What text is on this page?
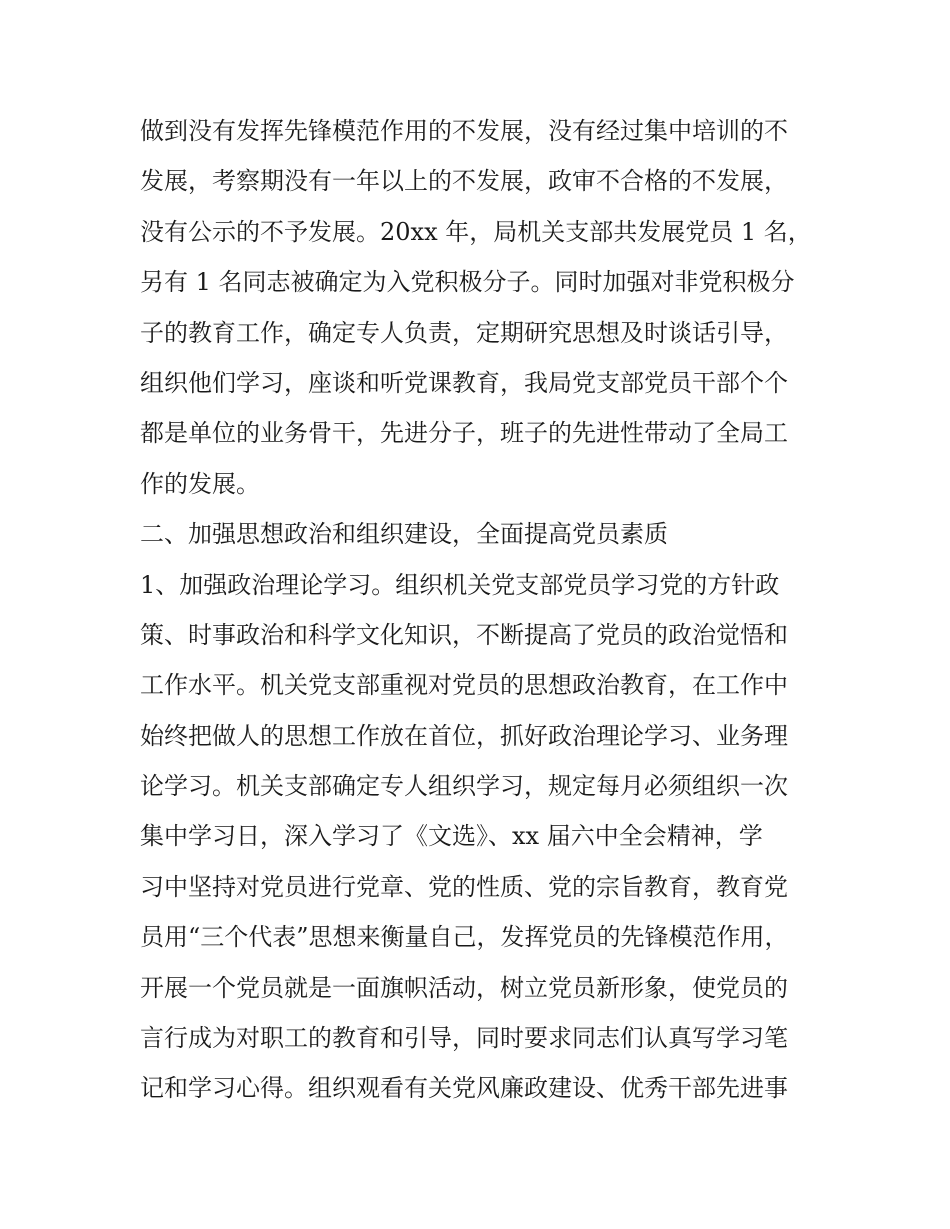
做到没有发挥先锋模范作用的不发展，没有经过集中培训的不
发展，考察期没有一年以上的不发展，政审不合格的不发展，
没有公示的不予发展。20xx 年，局机关支部共发展党员 1 名，
另有 1 名同志被确定为入党积极分子。同时加强对非党积极分
子的教育工作，确定专人负责，定期研究思想及时谈话引导，
组织他们学习，座谈和听党课教育，我局党支部党员干部个个
都是单位的业务骨干，先进分子，班子的先进性带动了全局工
作的发展。
二、加强思想政治和组织建设，全面提高党员素质
1、加强政治理论学习。组织机关党支部党员学习党的方针政
策、时事政治和科学文化知识，不断提高了党员的政治觉悟和
工作水平。机关党支部重视对党员的思想政治教育，在工作中
始终把做人的思想工作放在首位，抓好政治理论学习、业务理
论学习。机关支部确定专人组织学习，规定每月必须组织一次
集中学习日，深入学习了《文选》、xx 届六中全会精神，学
习中坚持对党员进行党章、党的性质、党的宗旨教育，教育党
员用“三个代表”思想来衡量自己，发挥党员的先锋模范作用，
开展一个党员就是一面旗帜活动，树立党员新形象，使党员的
言行成为对职工的教育和引导，同时要求同志们认真写学习笔
记和学习心得。组织观看有关党风廉政建设、优秀干部先进事
